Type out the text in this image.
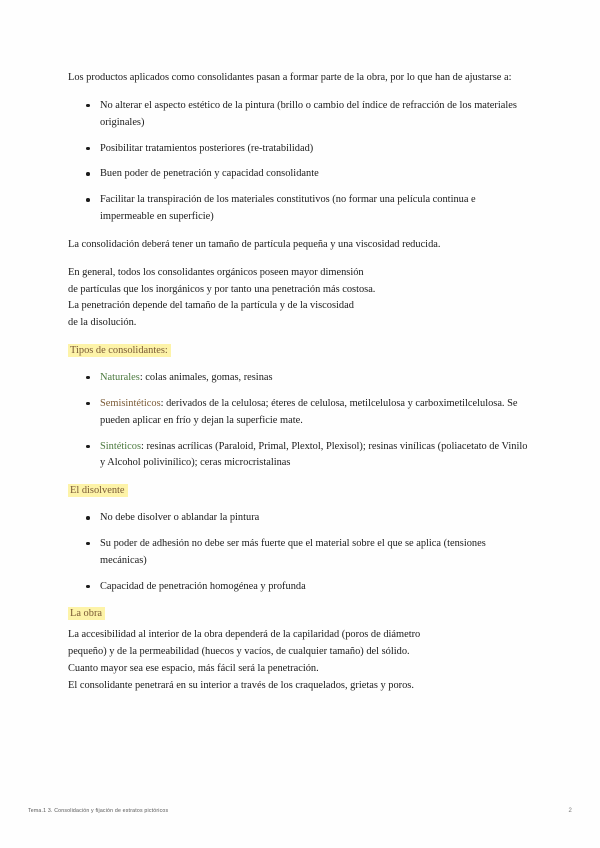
Los productos aplicados como consolidantes pasan a formar parte de la obra, por lo que han de ajustarse a:

No alterar el aspecto estético de la pintura (brillo o cambio del índice de refracción de los materiales originales)
Posibilitar tratamientos posteriores (re-tratabilidad)
Buen poder de penetración y capacidad consolidante
Facilitar la transpiración de los materiales constitutivos (no formar una película continua e impermeable en superficie)

La consolidación deberá tener un tamaño de partícula pequeña y una viscosidad reducida.

En general, todos los consolidantes orgánicos poseen mayor dimensión
de partículas que los inorgánicos y por tanto una penetración más costosa.
La penetración depende del tamaño de la partícula y de la viscosidad
de la disolución.
Tipos de consolidantes:
Naturales: colas animales, gomas, resinas
Semisintéticos: derivados de la celulosa; éteres de celulosa, metilcelulosa y carboximetilcelulosa. Se pueden aplicar en frío y dejan la superficie mate.
Sintéticos: resinas acrílicas (Paraloid, Primal, Plextol, Plexisol); resinas vinílicas (poliacetato de Vinilo y Alcohol polivinílico); ceras microcristalinas
El disolvente
No debe disolver o ablandar la pintura
Su poder de adhesión no debe ser más fuerte que el material sobre el que se aplica (tensiones mecánicas)
Capacidad de penetración homogénea y profunda
La obra
La accesibilidad al interior de la obra dependerá de la capilaridad (poros de diámetro
pequeño) y de la permeabilidad (huecos y vacíos, de cualquier tamaño) del sólido.
Cuanto mayor sea ese espacio, más fácil será la penetración.
El consolidante penetrará en su interior a través de los craquelados, grietas y poros.
Tema.1 3. Consolidación y fijación de estratos pictóricos	2
